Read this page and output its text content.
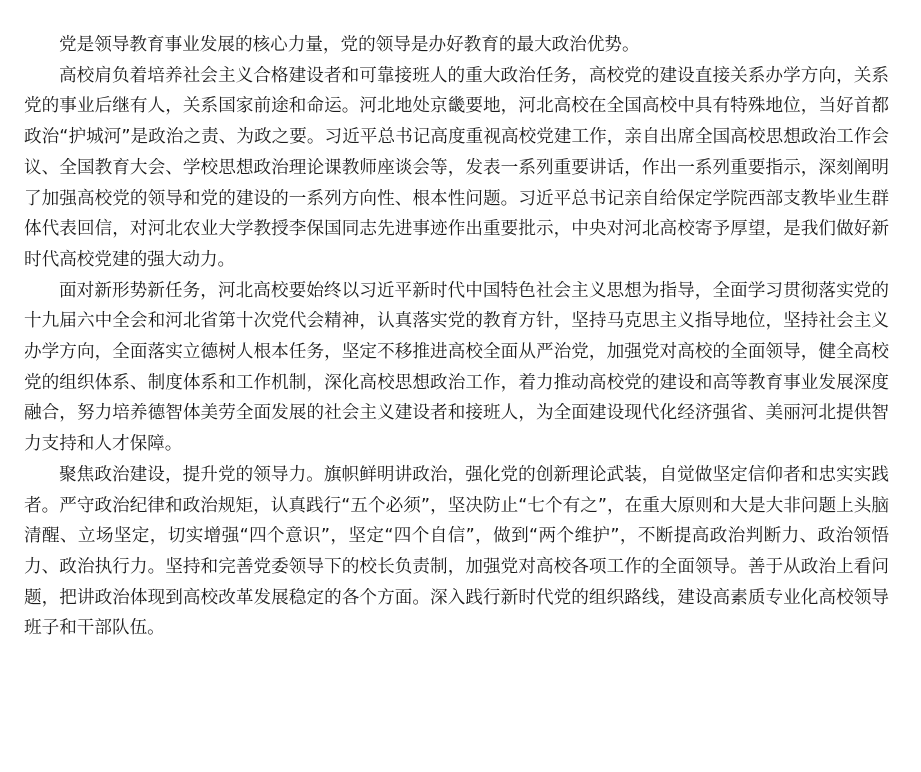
党是领导教育事业发展的核心力量，党的领导是办好教育的最大政治优势。

高校肩负着培养社会主义合格建设者和可靠接班人的重大政治任务，高校党的建设直接关系办学方向，关系党的事业后继有人，关系国家前途和命运。河北地处京畿要地，河北高校在全国高校中具有特殊地位，当好首都政治“护城河”是政治之责、为政之要。习近平总书记高度重视高校党建工作，亲自出席全国高校思想政治工作会议、全国教育大会、学校思想政治理论课教师座谈会等，发表一系列重要讲话，作出一系列重要指示，深刻阐明了加强高校党的领导和党的建设的一系列方向性、根本性问题。习近平总书记亲自给保定学院西部支教毕业生群体代表回信，对河北农业大学教授李保国同志先进事迹作出重要批示，中央对河北高校寄予厚望，是我们做好新时代高校党建的强大动力。

面对新形势新任务，河北高校要始终以习近平新时代中国特色社会主义思想为指导，全面学习贯彻落实党的十九届六中全会和河北省第十次党代会精神，认真落实党的教育方针，坚持马克思主义指导地位，坚持社会主义办学方向，全面落实立德树人根本任务，坚定不移推进高校全面从严治党，加强党对高校的全面领导，健全高校党的组织体系、制度体系和工作机制，深化高校思想政治工作，着力推动高校党的建设和高等教育事业发展深度融合，努力培养德智体美劳全面发展的社会主义建设者和接班人，为全面建设现代化经济强省、美丽河北提供智力支持和人才保障。

聚焦政治建设，提升党的领导力。旗帜鲜明讲政治，强化党的创新理论武装，自觉做坚定信仰者和忠实实践者。严守政治纪律和政治规矩，认真践行“五个必须”，坚决防止“七个有之”，在重大原则和大是大非问题上头脑清醒、立场坚定，切实增强“四个意识”，坚定“四个自信”，做到“两个维护”，不断提高政治判断力、政治领悟力、政治执行力。坚持和完善党委领导下的校长负责制，加强党对高校各项工作的全面领导。善于从政治上看问题，把讲政治体现到高校改革发展稳定的各个方面。深入践行新时代党的组织路线，建设高素质专业化高校领导班子和干部队伍。
